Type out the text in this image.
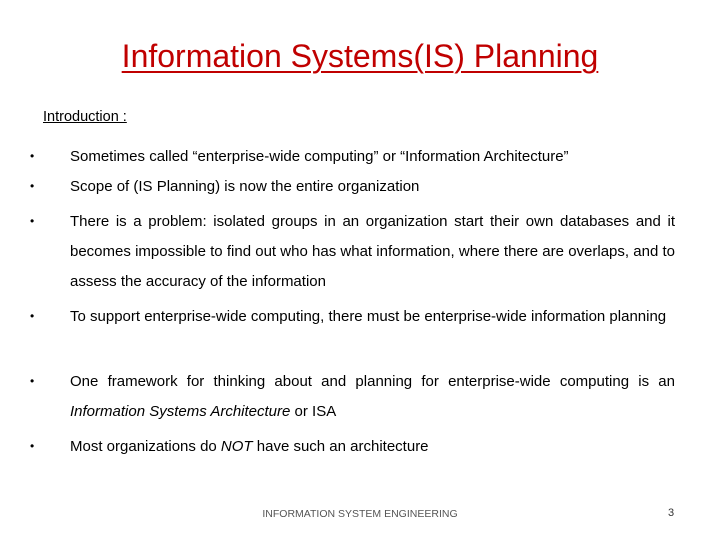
Information Systems(IS) Planning
Introduction :
• Sometimes called “enterprise-wide computing” or “Information Architecture”
• Scope of (IS Planning) is now the entire organization
• There is a problem: isolated groups in an organization start their own databases and it becomes impossible to find out who has what information, where there are overlaps, and to assess the accuracy of the information
• To support enterprise-wide computing, there must be enterprise-wide information planning
• One framework for thinking about and planning for enterprise-wide computing is an Information Systems Architecture or ISA
• Most organizations do NOT have such an architecture
INFORMATION SYSTEM ENGINEERING	3
